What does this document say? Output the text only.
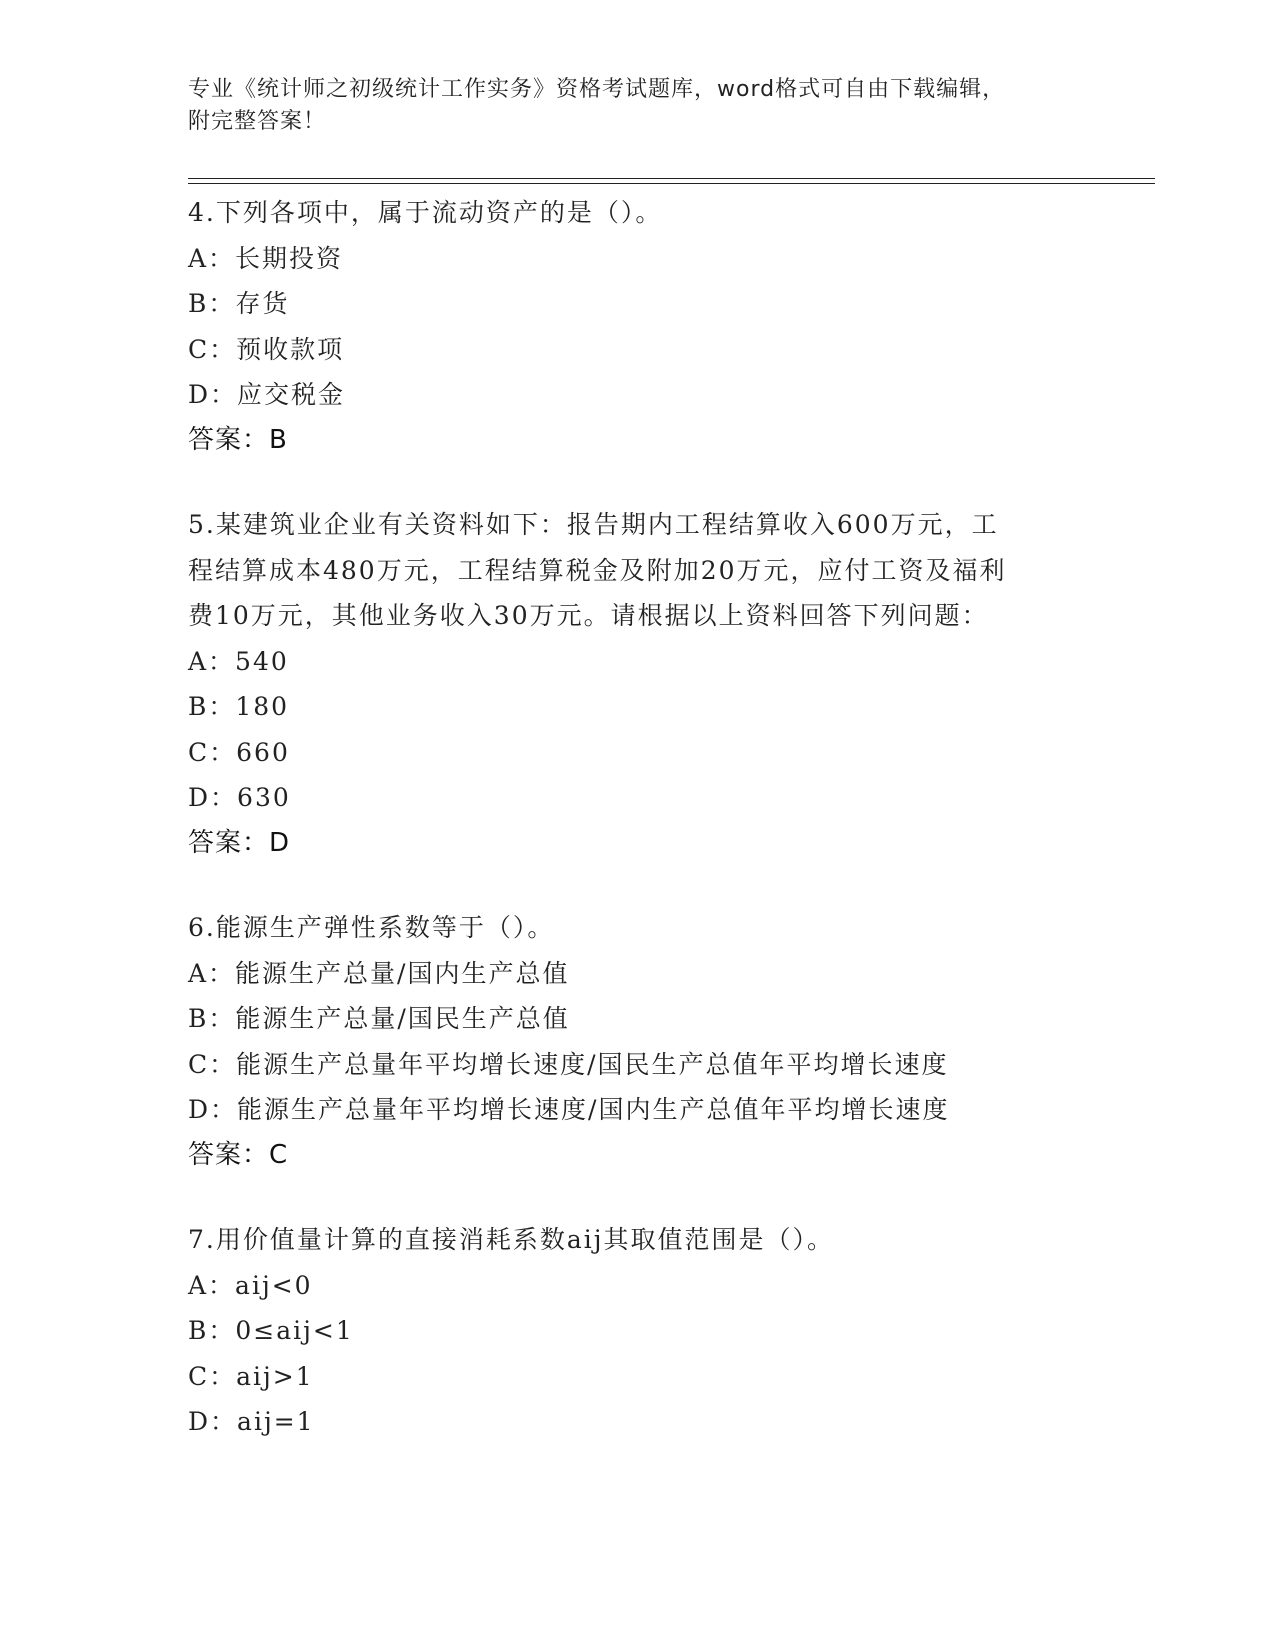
专业《统计师之初级统计工作实务》资格考试题库，word格式可自由下载编辑，
附完整答案！
4.下列各项中，属于流动资产的是（）。
A：长期投资
B：存货
C：预收款项
D：应交税金
答案：B
5.某建筑业企业有关资料如下：报告期内工程结算收入600万元，工
程结算成本480万元，工程结算税金及附加20万元，应付工资及福利
费10万元，其他业务收入30万元。请根据以上资料回答下列问题：
A：540
B：180
C：660
D：630
答案：D
6.能源生产弹性系数等于（）。
A：能源生产总量/国内生产总值
B：能源生产总量/国民生产总值
C：能源生产总量年平均增长速度/国民生产总值年平均增长速度
D：能源生产总量年平均增长速度/国内生产总值年平均增长速度
答案：C
7.用价值量计算的直接消耗系数aij其取值范围是（）。
A：aij<0
B：0≤aij<1
C：aij>1
D：aij=1
